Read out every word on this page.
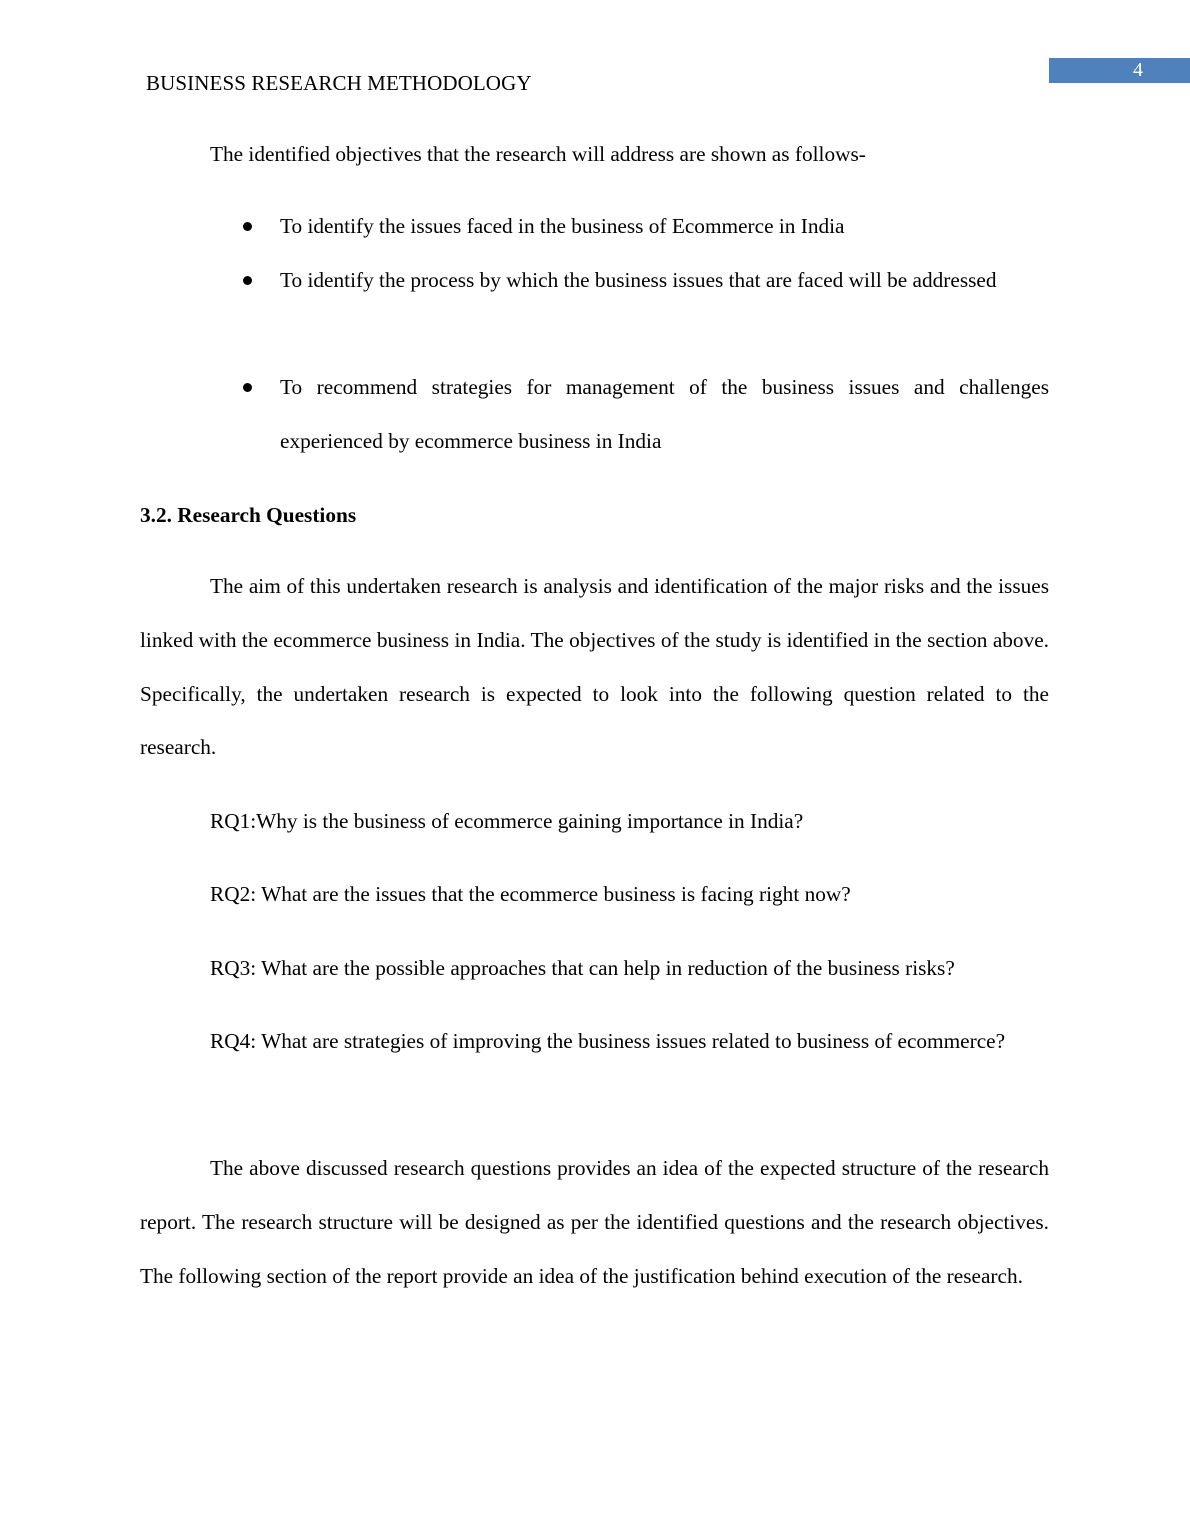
4
BUSINESS RESEARCH METHODOLOGY

The identified objectives that the research will address are shown as follows-

To identify the issues faced in the business of Ecommerce in India
To identify the process by which the business issues that are faced will be addressed
To recommend strategies for management of the business issues and challenges experienced by ecommerce business in India
3.2. Research Questions

The aim of this undertaken research is analysis and identification of the major risks and the issues linked with the ecommerce business in India. The objectives of the study is identified in the section above. Specifically, the undertaken research is expected to look into the following question related to the research.

RQ1:Why is the business of ecommerce gaining importance in India?

RQ2: What are the issues that the ecommerce business is facing right now?

RQ3: What are the possible approaches that can help in reduction of the business risks?

RQ4: What are strategies of improving the business issues related to business of ecommerce?

The above discussed research questions provides an idea of the expected structure of the research report. The research structure will be designed as per the identified questions and the research objectives. The following section of the report provide an idea of the justification behind execution of the research.
